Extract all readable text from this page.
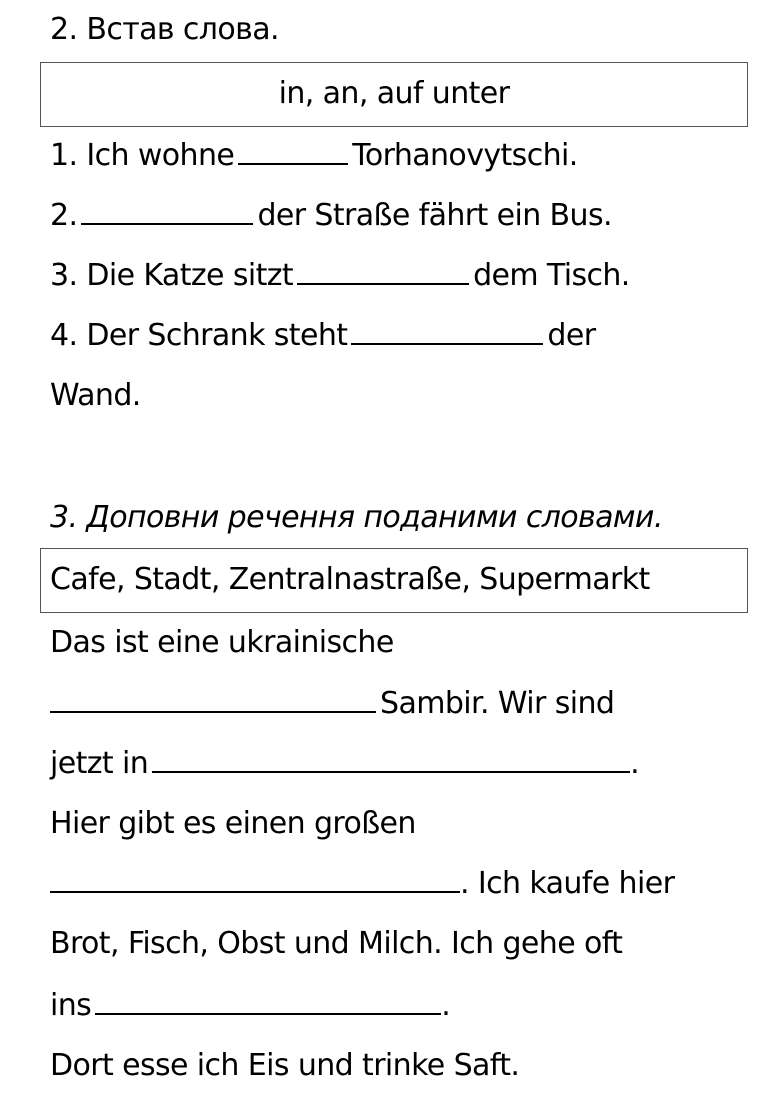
2. Встав слова.
in, an, auf unter
1. Ich wohne	Torhanovytschi.
2.	der Straße fährt ein Bus.
3. Die Katze sitzt	dem Tisch.
4. Der Schrank steht	der
Wand.
3. Доповни речення поданими словами.
Cafe, Stadt, Zentralnastraße, Supermarkt
Das ist eine ukrainische
Sambir. Wir sind
jetzt in	.
Hier gibt es einen großen
. Ich kaufe hier
Brot, Fisch, Obst und Milch. Ich gehe oft
ins	.
Dort esse ich Eis und trinke Saft.
